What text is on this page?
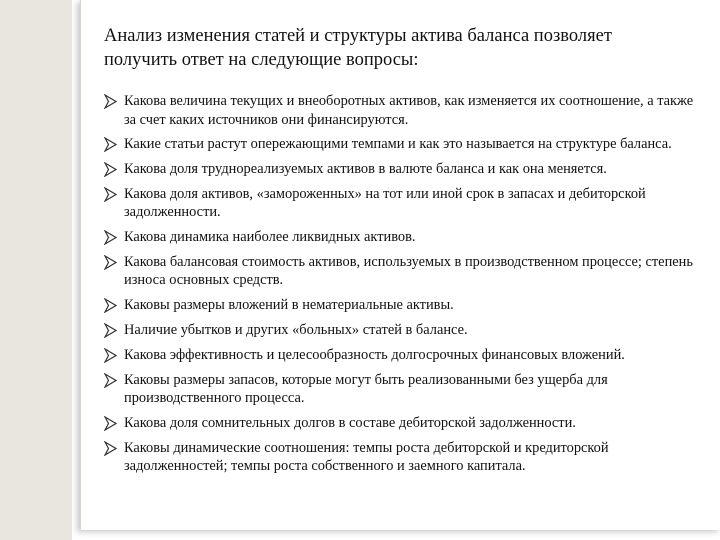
Анализ изменения статей и структуры актива баланса позволяет получить ответ на следующие вопросы:
Какова величина текущих и внеоборотных активов, как изменяется их соотношение, а также за счет каких источников они финансируются.
Какие статьи растут опережающими темпами и как это называется на структуре баланса.
Какова доля труднореализуемых активов в валюте баланса и как она меняется.
Какова доля активов, «замороженных» на тот или иной срок в запасах и дебиторской задолженности.
Какова динамика наиболее ликвидных активов.
Какова балансовая стоимость активов, используемых в производственном процессе; степень износа основных средств.
Каковы размеры вложений в нематериальные активы.
Наличие убытков и других «больных» статей в балансе.
Какова эффективность и целесообразность долгосрочных финансовых вложений.
Каковы размеры запасов, которые могут быть реализованными без ущерба для производственного процесса.
Какова доля сомнительных долгов в составе дебиторской задолженности.
Каковы динамические соотношения: темпы роста дебиторской и кредиторской задолженностей; темпы роста собственного и заемного капитала.
